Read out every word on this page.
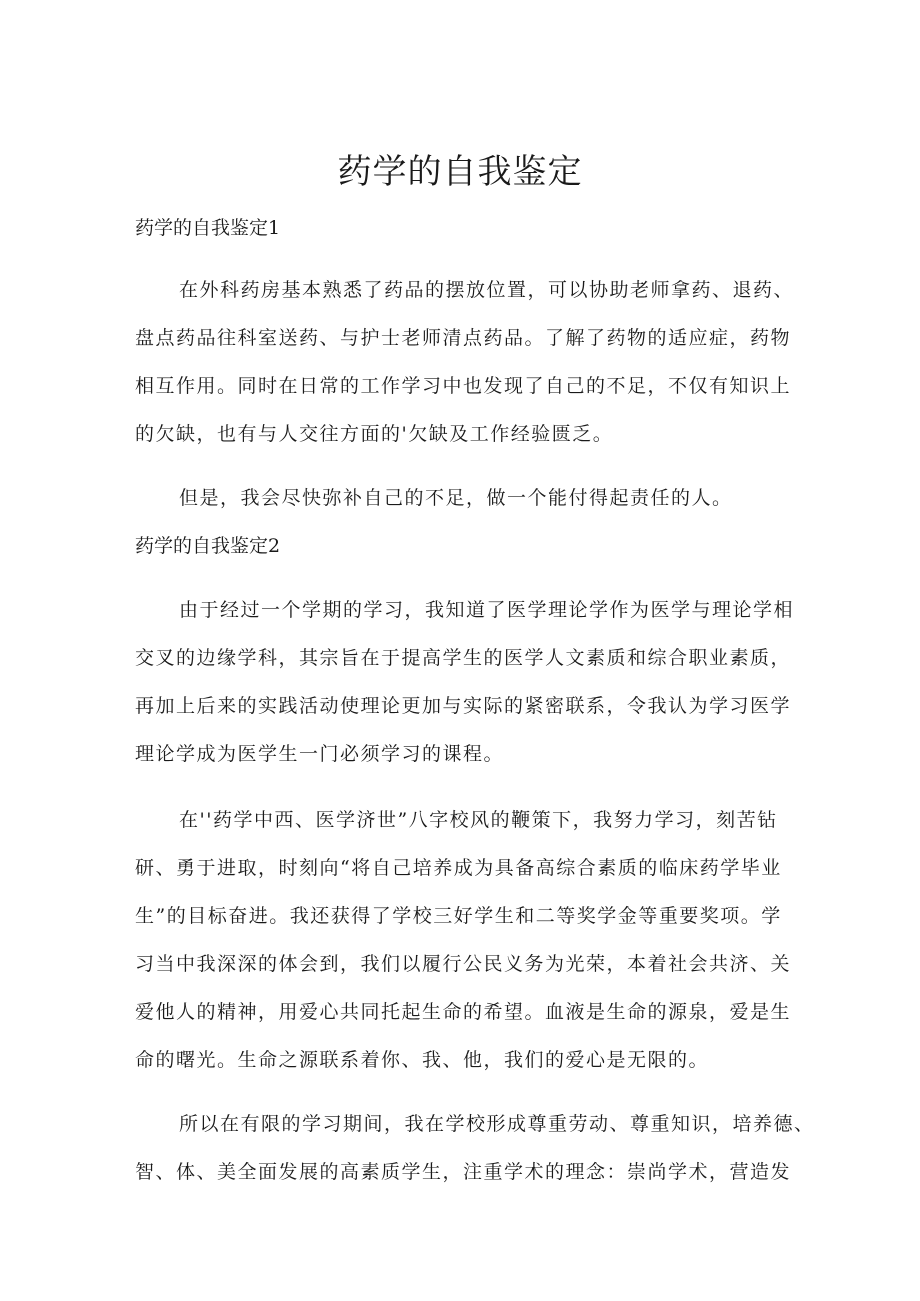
药学的自我鉴定
药学的自我鉴定1
在外科药房基本熟悉了药品的摆放位置，可以协助老师拿药、退药、
盘点药品往科室送药、与护士老师清点药品。了解了药物的适应症，药物
相互作用。同时在日常的工作学习中也发现了自己的不足，不仅有知识上
的欠缺，也有与人交往方面的'欠缺及工作经验匮乏。
但是，我会尽快弥补自己的不足，做一个能付得起责任的人。
药学的自我鉴定2
由于经过一个学期的学习，我知道了医学理论学作为医学与理论学相
交叉的边缘学科，其宗旨在于提高学生的医学人文素质和综合职业素质，
再加上后来的实践活动使理论更加与实际的紧密联系，令我认为学习医学
理论学成为医学生一门必须学习的课程。
在''药学中西、医学济世”八字校风的鞭策下，我努力学习，刻苦钻
研、勇于进取，时刻向“将自己培养成为具备高综合素质的临床药学毕业
生”的目标奋进。我还获得了学校三好学生和二等奖学金等重要奖项。学
习当中我深深的体会到，我们以履行公民义务为光荣，本着社会共济、关
爱他人的精神，用爱心共同托起生命的希望。血液是生命的源泉，爱是生
命的曙光。生命之源联系着你、我、他，我们的爱心是无限的。
所以在有限的学习期间，我在学校形成尊重劳动、尊重知识，培养德、
智、体、美全面发展的高素质学生，注重学术的理念：崇尚学术，营造发
